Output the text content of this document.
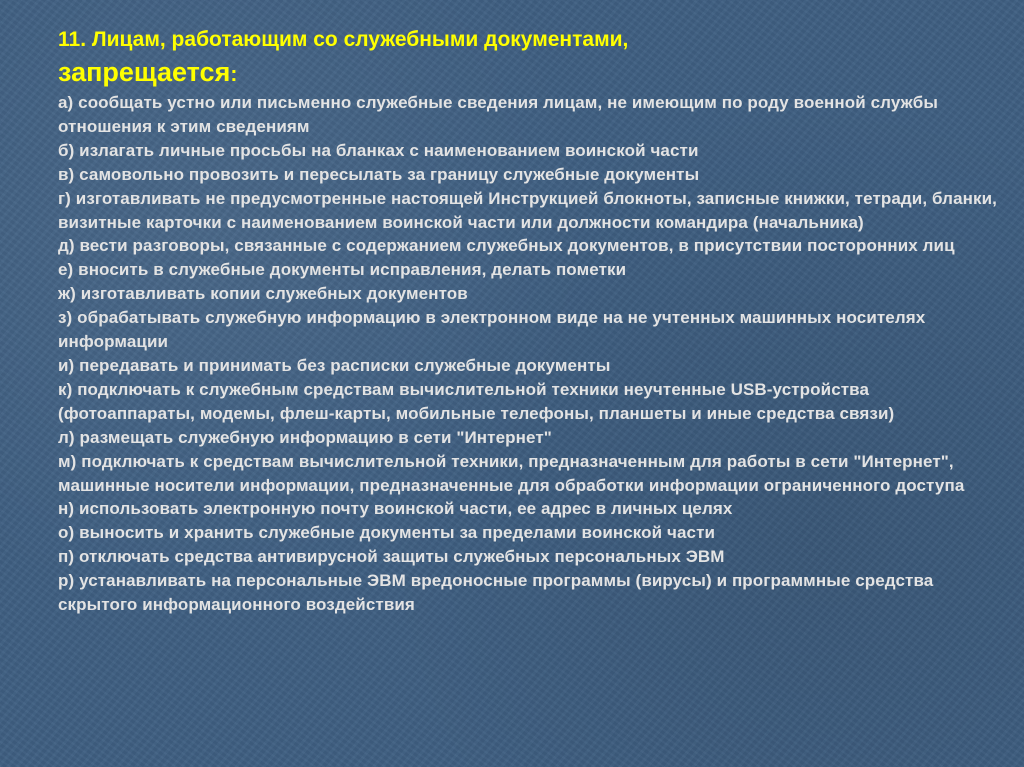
11. Лицам, работающим со служебными документами,
запрещается:

а) сообщать устно или письменно служебные сведения лицам, не имеющим по роду военной службы отношения к этим сведениям
б) излагать личные просьбы на бланках с наименованием воинской части
в) самовольно провозить и пересылать за границу служебные документы
г) изготавливать не предусмотренные настоящей Инструкцией блокноты, записные книжки, тетради, бланки, визитные карточки с наименованием воинской части или должности командира (начальника)
д) вести разговоры, связанные с содержанием служебных документов, в присутствии посторонних лиц
е) вносить в служебные документы исправления, делать пометки
ж) изготавливать копии служебных документов
з) обрабатывать служебную информацию в электронном виде на не учтенных машинных носителях информации
и) передавать и принимать без расписки служебные документы
к) подключать к служебным средствам вычислительной техники неучтенные USB-устройства (фотоаппараты, модемы, флеш-карты, мобильные телефоны, планшеты и иные средства связи)
л) размещать служебную информацию в сети "Интернет"
м) подключать к средствам вычислительной техники, предназначенным для работы в сети "Интернет", машинные носители информации, предназначенные для обработки информации ограниченного доступа
н) использовать электронную почту воинской части, ее адрес в личных целях
о) выносить и хранить служебные документы за пределами воинской части
п) отключать средства антивирусной защиты служебных персональных ЭВМ
р) устанавливать на персональные ЭВМ вредоносные программы (вирусы) и программные средства скрытого информационного воздействия
